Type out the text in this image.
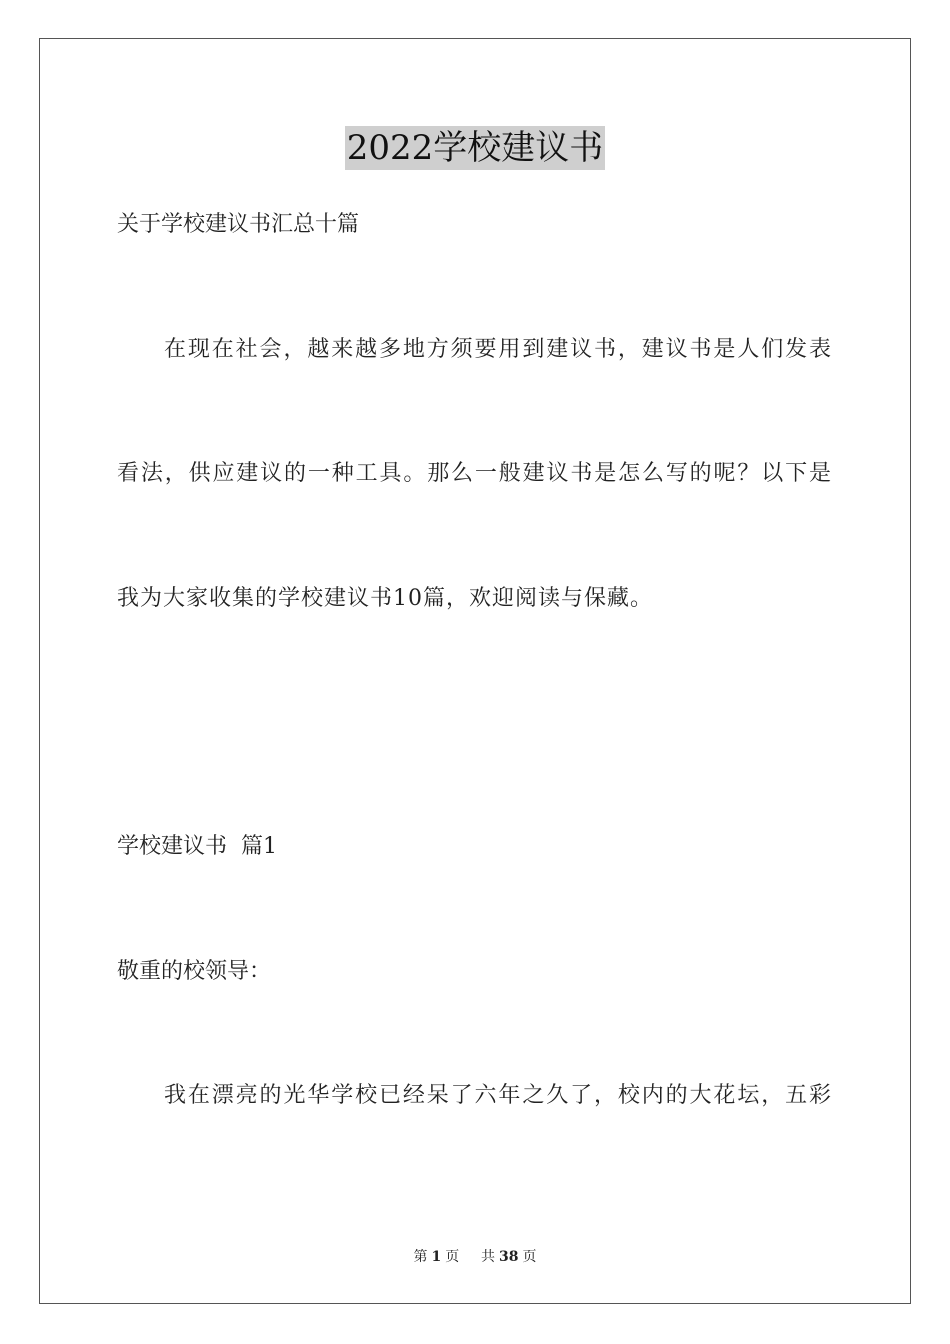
2022学校建议书
关于学校建议书汇总十篇
在现在社会，越来越多地方须要用到建议书，建议书是人们发表
看法，供应建议的一种工具。那么一般建议书是怎么写的呢？以下是
我为大家收集的学校建议书10篇，欢迎阅读与保藏。
学校建议书  篇1
敬重的校领导：
我在漂亮的光华学校已经呆了六年之久了，校内的大花坛，五彩
第 1 页 共 38 页
